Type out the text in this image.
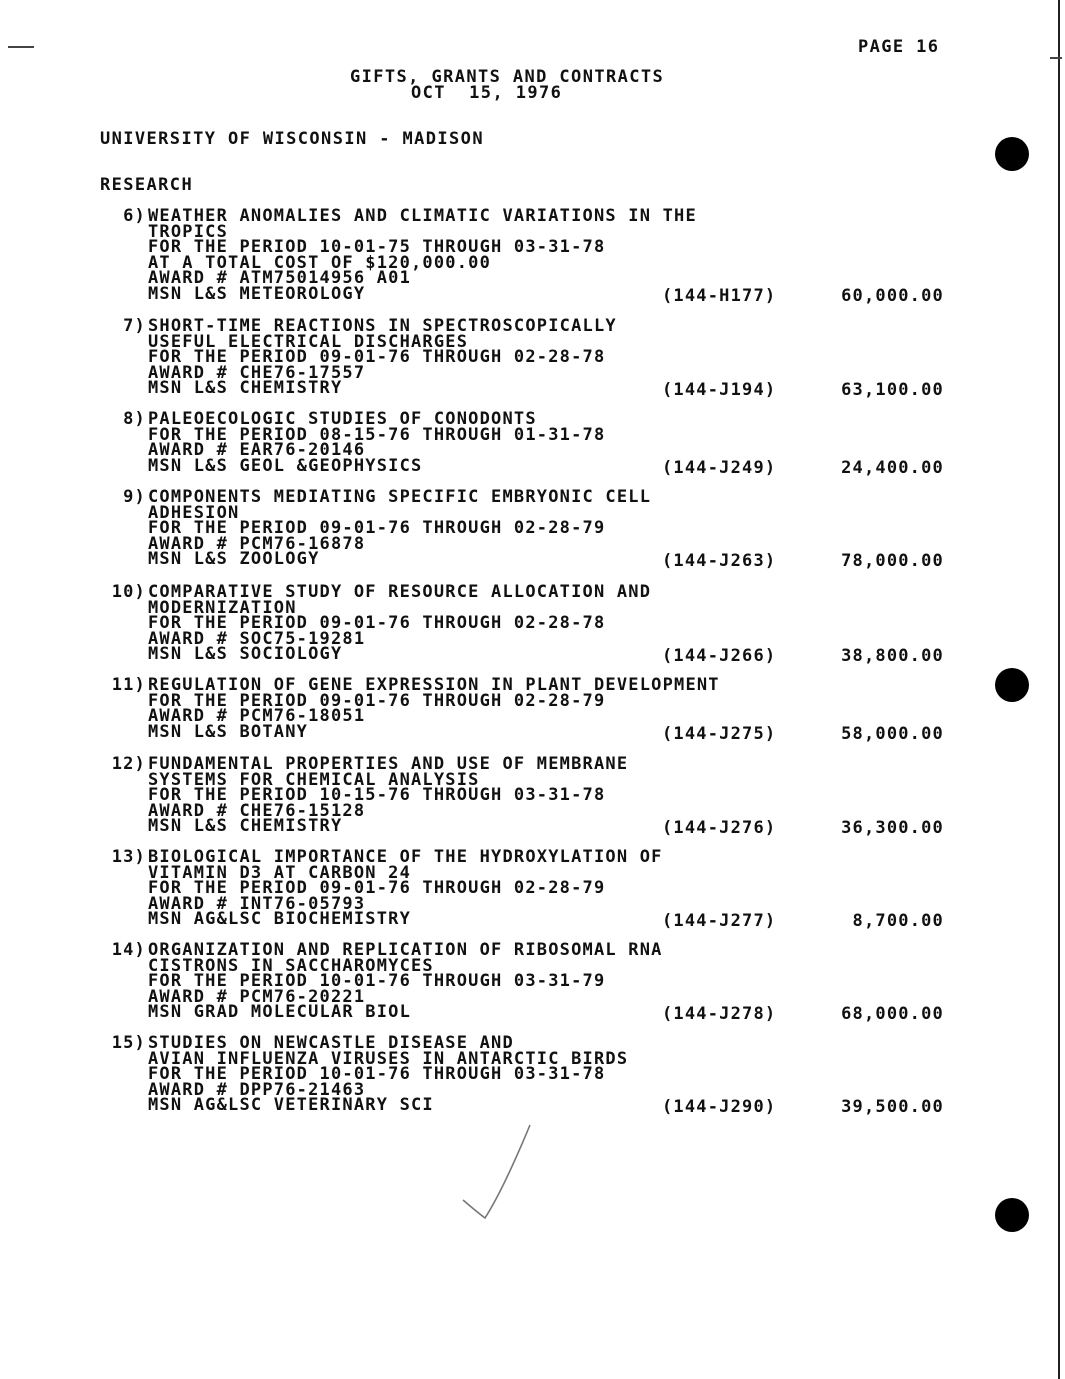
PAGE 16
GIFTS, GRANTS AND CONTRACTS
OCT  15, 1976
UNIVERSITY OF WISCONSIN - MADISON
RESEARCH
6) WEATHER ANOMALIES AND CLIMATIC VARIATIONS IN THE
TROPICS
FOR THE PERIOD 10-01-75 THROUGH 03-31-78
AT A TOTAL COST OF $120,000.00
AWARD # ATM75014956 A01
MSN L&S METEOROLOGY	(144-H177)	60,000.00
7) SHORT-TIME REACTIONS IN SPECTROSCOPICALLY
USEFUL ELECTRICAL DISCHARGES
FOR THE PERIOD 09-01-76 THROUGH 02-28-78
AWARD # CHE76-17557
MSN L&S CHEMISTRY	(144-J194)	63,100.00
8) PALEOECOLOGIC STUDIES OF CONODONTS
FOR THE PERIOD 08-15-76 THROUGH 01-31-78
AWARD # EAR76-20146
MSN L&S GEOL &GEOPHYSICS	(144-J249)	24,400.00
9) COMPONENTS MEDIATING SPECIFIC EMBRYONIC CELL
ADHESION
FOR THE PERIOD 09-01-76 THROUGH 02-28-79
AWARD # PCM76-16878
MSN L&S ZOOLOGY	(144-J263)	78,000.00
10) COMPARATIVE STUDY OF RESOURCE ALLOCATION AND
MODERNIZATION
FOR THE PERIOD 09-01-76 THROUGH 02-28-78
AWARD # SOC75-19281
MSN L&S SOCIOLOGY	(144-J266)	38,800.00
11) REGULATION OF GENE EXPRESSION IN PLANT DEVELOPMENT
FOR THE PERIOD 09-01-76 THROUGH 02-28-79
AWARD # PCM76-18051
MSN L&S BOTANY	(144-J275)	58,000.00
12) FUNDAMENTAL PROPERTIES AND USE OF MEMBRANE
SYSTEMS FOR CHEMICAL ANALYSIS
FOR THE PERIOD 10-15-76 THROUGH 03-31-78
AWARD # CHE76-15128
MSN L&S CHEMISTRY	(144-J276)	36,300.00
13) BIOLOGICAL IMPORTANCE OF THE HYDROXYLATION OF
VITAMIN D3 AT CARBON 24
FOR THE PERIOD 09-01-76 THROUGH 02-28-79
AWARD # INT76-05793
MSN AG&LSC BIOCHEMISTRY	(144-J277)	8,700.00
14) ORGANIZATION AND REPLICATION OF RIBOSOMAL RNA
CISTRONS IN SACCHAROMYCES
FOR THE PERIOD 10-01-76 THROUGH 03-31-79
AWARD # PCM76-20221
MSN GRAD MOLECULAR BIOL	(144-J278)	68,000.00
15) STUDIES ON NEWCASTLE DISEASE AND
AVIAN INFLUENZA VIRUSES IN ANTARCTIC BIRDS
FOR THE PERIOD 10-01-76 THROUGH 03-31-78
AWARD # DPP76-21463
MSN AG&LSC VETERINARY SCI	(144-J290)	39,500.00
